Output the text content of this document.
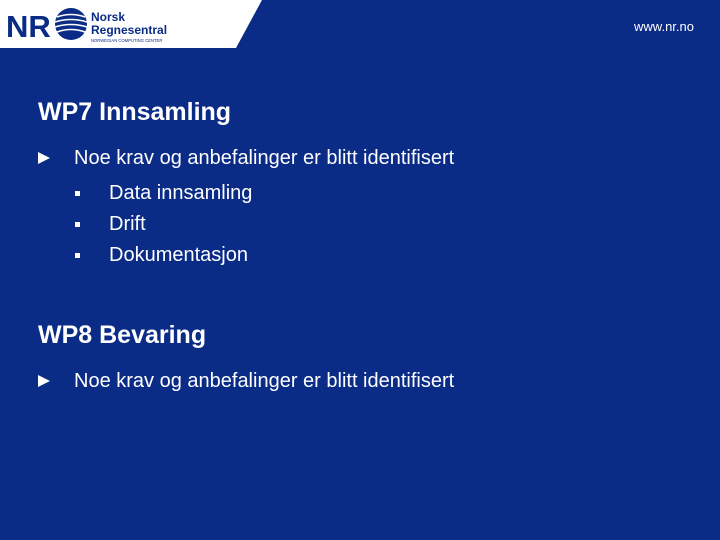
NR	Norsk
Regnesentral
NORWEGIAN COMPUTING CENTER
www.nr.no
WP7 Innsamling
Noe krav og anbefalinger er blitt identifisert
Data innsamling
Drift
Dokumentasjon
WP8 Bevaring
Noe krav og anbefalinger er blitt identifisert
